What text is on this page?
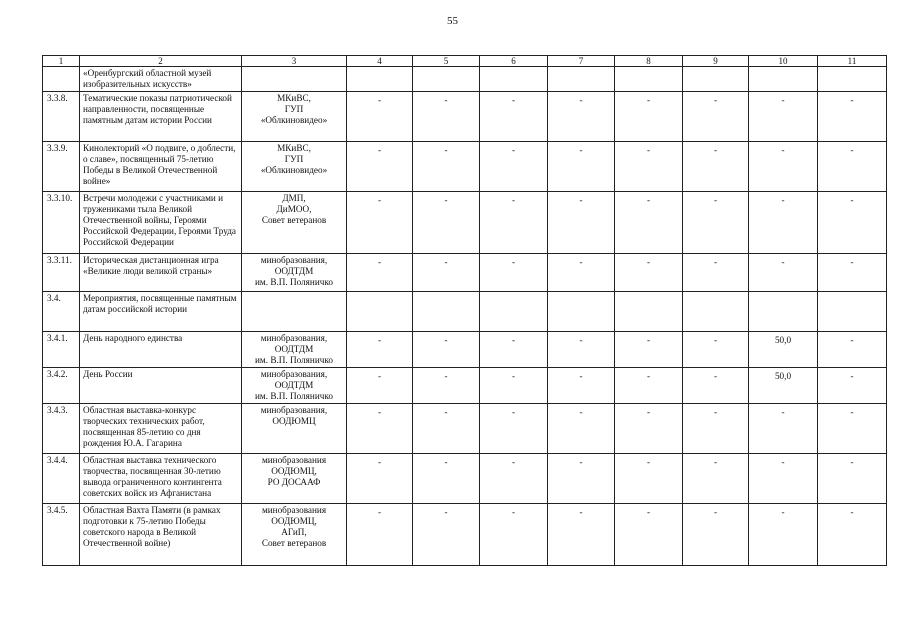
55
1	2	3	4	5	6	7	8	9	10	11
	«Оренбургский областной музей изобразительных искусств»									
3.3.8.	Тематические показы патриотической направленности, посвященные памятным датам истории России	МКиВС,
ГУП
«Облкиновидео»	-	-	-	-	-	-	-	-
3.3.9.	Кинолекторий «О подвиге, о доблести, о славе», посвященный 75-летию Победы в Великой Отечественной войне»	МКиВС,
ГУП
«Облкиновидео»	-	-	-	-	-	-	-	-
3.3.10.	Встречи молодежи с участниками и тружениками тыла Великой Отечественной войны, Героями Российской Федерации, Героями Труда Российской Федерации	ДМП,
ДиМОО,
Совет ветеранов	-	-	-	-	-	-	-	-
3.3.11.	Историческая дистанционная игра «Великие люди великой страны»	минобразования,
ООДТДМ
им. В.П. Поляничко	-	-	-	-	-	-	-	-
3.4.	Мероприятия, посвященные памятным датам российской истории									
3.4.1.	День народного единства	минобразования,
ООДТДМ
им. В.П. Поляничко	-	-	-	-	-	-	50,0	-
3.4.2.	День России	минобразования,
ООДТДМ
им. В.П. Поляничко	-	-	-	-	-	-	50,0	-
3.4.3.	Областная выставка-конкурс творческих технических работ, посвященная 85-летию со дня рождения Ю.А. Гагарина	минобразования,
ООДЮМЦ	-	-	-	-	-	-	-	-
3.4.4.	Областная выставка технического творчества, посвященная 30-летию вывода ограниченного контингента советских войск из Афганистана	минобразования
ООДЮМЦ,
РО ДОСААФ	-	-	-	-	-	-	-	-
3.4.5.	Областная Вахта Памяти (в рамках подготовки к 75-летию Победы советского народа в Великой Отечественной войне)	минобразования
ООДЮМЦ,
АГиП,
Совет ветеранов	-	-	-	-	-	-	-	-
